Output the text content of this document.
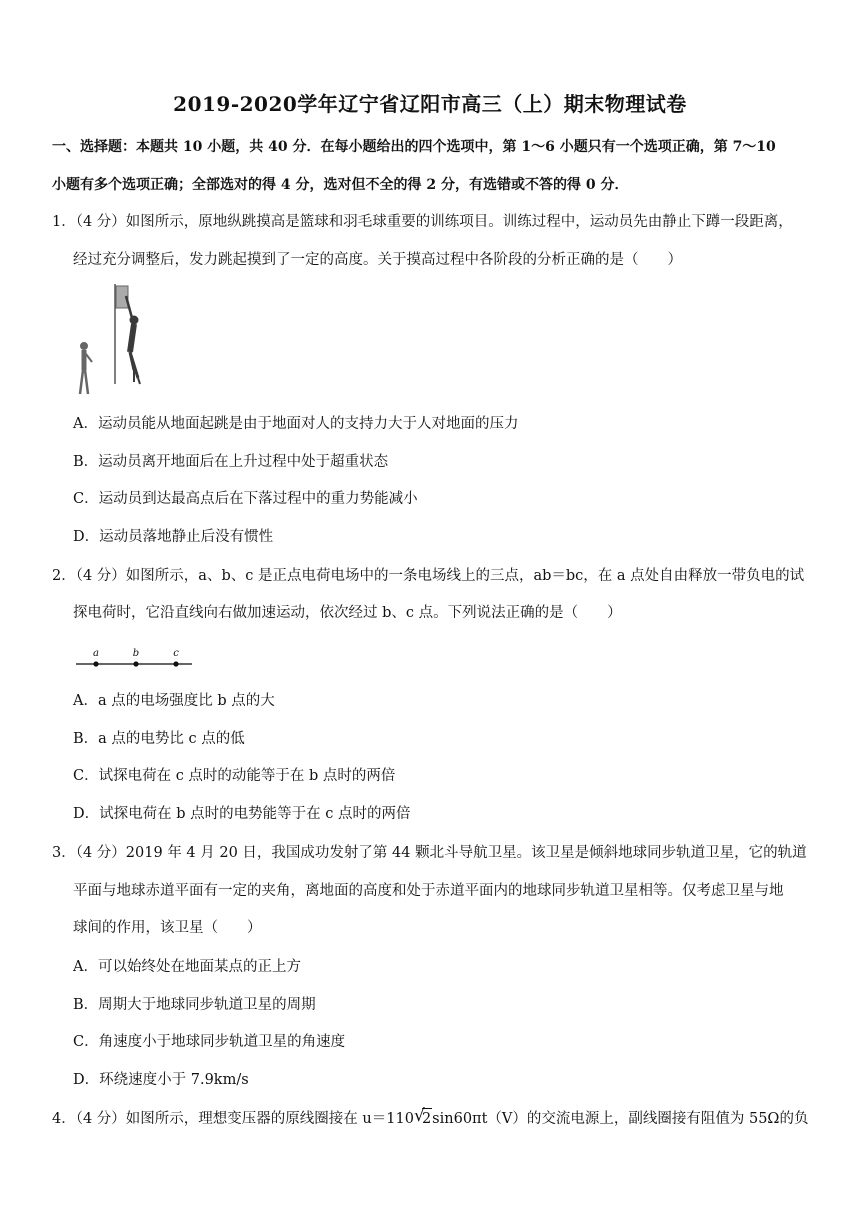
2019-2020学年辽宁省辽阳市高三（上）期末物理试卷
一、选择题：本题共 10 小题，共 40 分．在每小题给出的四个选项中，第 1～6 小题只有一个选项正确，第 7～10
小题有多个选项正确；全部选对的得 4 分，选对但不全的得 2 分，有选错或不答的得 0 分．
1．（4 分）如图所示，原地纵跳摸高是篮球和羽毛球重要的训练项目。训练过程中，运动员先由静止下蹲一段距离，
经过充分调整后，发力跳起摸到了一定的高度。关于摸高过程中各阶段的分析正确的是（　　）
A．运动员能从地面起跳是由于地面对人的支持力大于人对地面的压力
B．运动员离开地面后在上升过程中处于超重状态
C．运动员到达最高点后在下落过程中的重力势能减小
D．运动员落地静止后没有惯性
2．（4 分）如图所示，a、b、c 是正点电荷电场中的一条电场线上的三点，ab＝bc，在 a 点处自由释放一带负电的试
探电荷时，它沿直线向右做加速运动，依次经过 b、c 点。下列说法正确的是（　　）
a	b	c
A．a 点的电场强度比 b 点的大
B．a 点的电势比 c 点的低
C．试探电荷在 c 点时的动能等于在 b 点时的两倍
D．试探电荷在 b 点时的电势能等于在 c 点时的两倍
3．（4 分）2019 年 4 月 20 日，我国成功发射了第 44 颗北斗导航卫星。该卫星是倾斜地球同步轨道卫星，它的轨道
平面与地球赤道平面有一定的夹角，离地面的高度和处于赤道平面内的地球同步轨道卫星相等。仅考虑卫星与地
球间的作用，该卫星（　　）
A．可以始终处在地面某点的正上方
B．周期大于地球同步轨道卫星的周期
C．角速度小于地球同步轨道卫星的角速度
D．环绕速度小于 7.9km/s
4．（4 分）如图所示，理想变压器的原线圈接在 u＝110 √
2sin60πt（V）的交流电源上，副线圈接有阻值为 55Ω的负
